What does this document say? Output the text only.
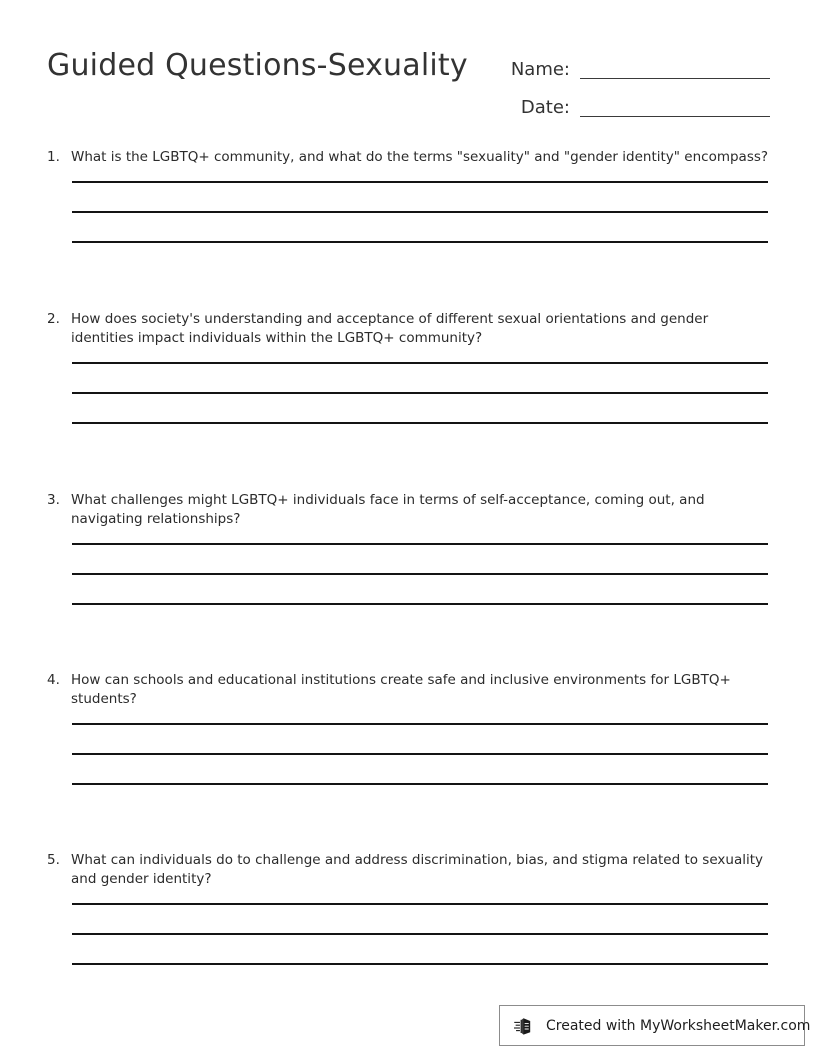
Guided Questions-Sexuality Name:
Date:
1. What is the LGBTQ+ community, and what do the terms "sexuality" and "gender identity" encompass?
2. How does society's understanding and acceptance of different sexual orientations and gender identities impact individuals within the LGBTQ+ community?
3. What challenges might LGBTQ+ individuals face in terms of self-acceptance, coming out, and navigating relationships?
4. How can schools and educational institutions create safe and inclusive environments for LGBTQ+ students?
5. What can individuals do to challenge and address discrimination, bias, and stigma related to sexuality and gender identity?
Created with MyWorksheetMaker.com
